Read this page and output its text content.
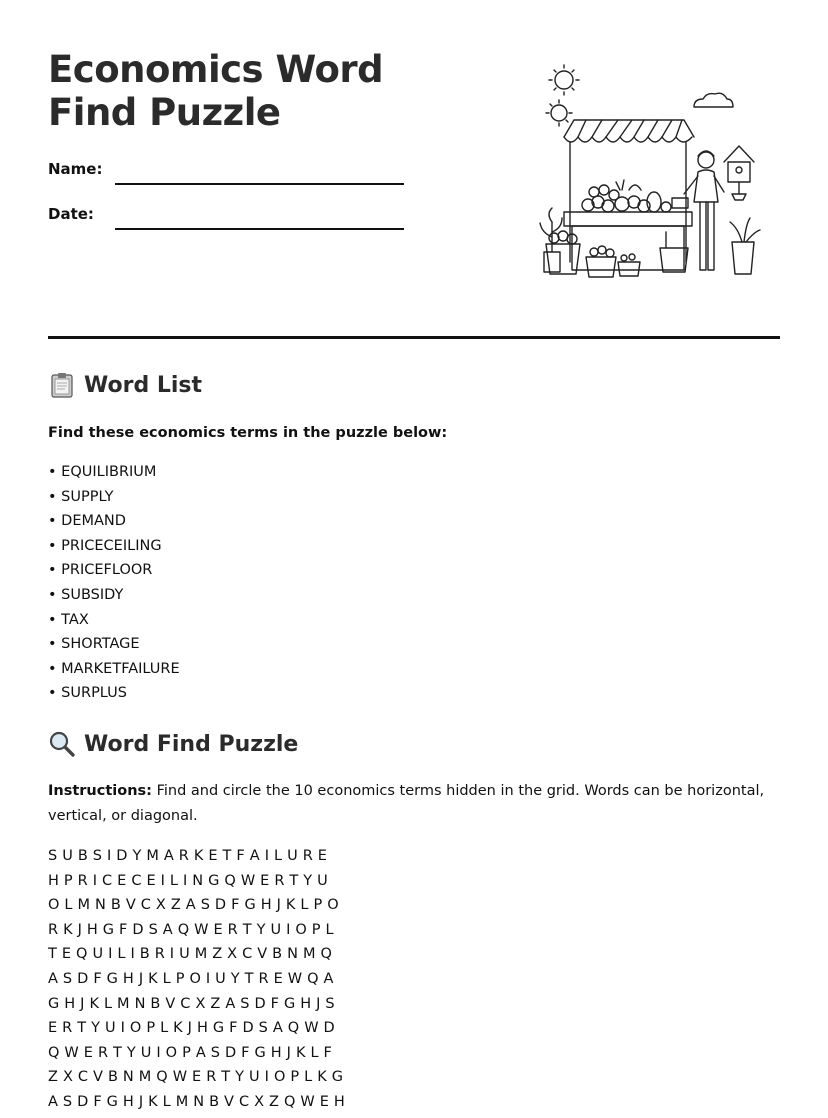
Economics Word Find Puzzle
Name:
Date:
Word List
Find these economics terms in the puzzle below:
• EQUILIBRIUM
• SUPPLY
• DEMAND
• PRICECEILING
• PRICEFLOOR
• SUBSIDY
• TAX
• SHORTAGE
• MARKETFAILURE
• SURPLUS
Word Find Puzzle
Instructions: Find and circle the 10 economics terms hidden in the grid. Words can be horizontal, vertical, or diagonal.
S U B S I D Y M A R K E T F A I L U R E
H P R I C E C E I L I N G Q W E R T Y U
O L M N B V C X Z A S D F G H J K L P O
R K J H G F D S A Q W E R T Y U I O P L
T E Q U I L I B R I U M Z X C V B N M Q
A S D F G H J K L P O I U Y T R E W Q A
G H J K L M N B V C X Z A S D F G H J S
E R T Y U I O P L K J H G F D S A Q W D
Q W E R T Y U I O P A S D F G H J K L F
Z X C V B N M Q W E R T Y U I O P L K G
A S D F G H J K L M N B V C X Z Q W E H
